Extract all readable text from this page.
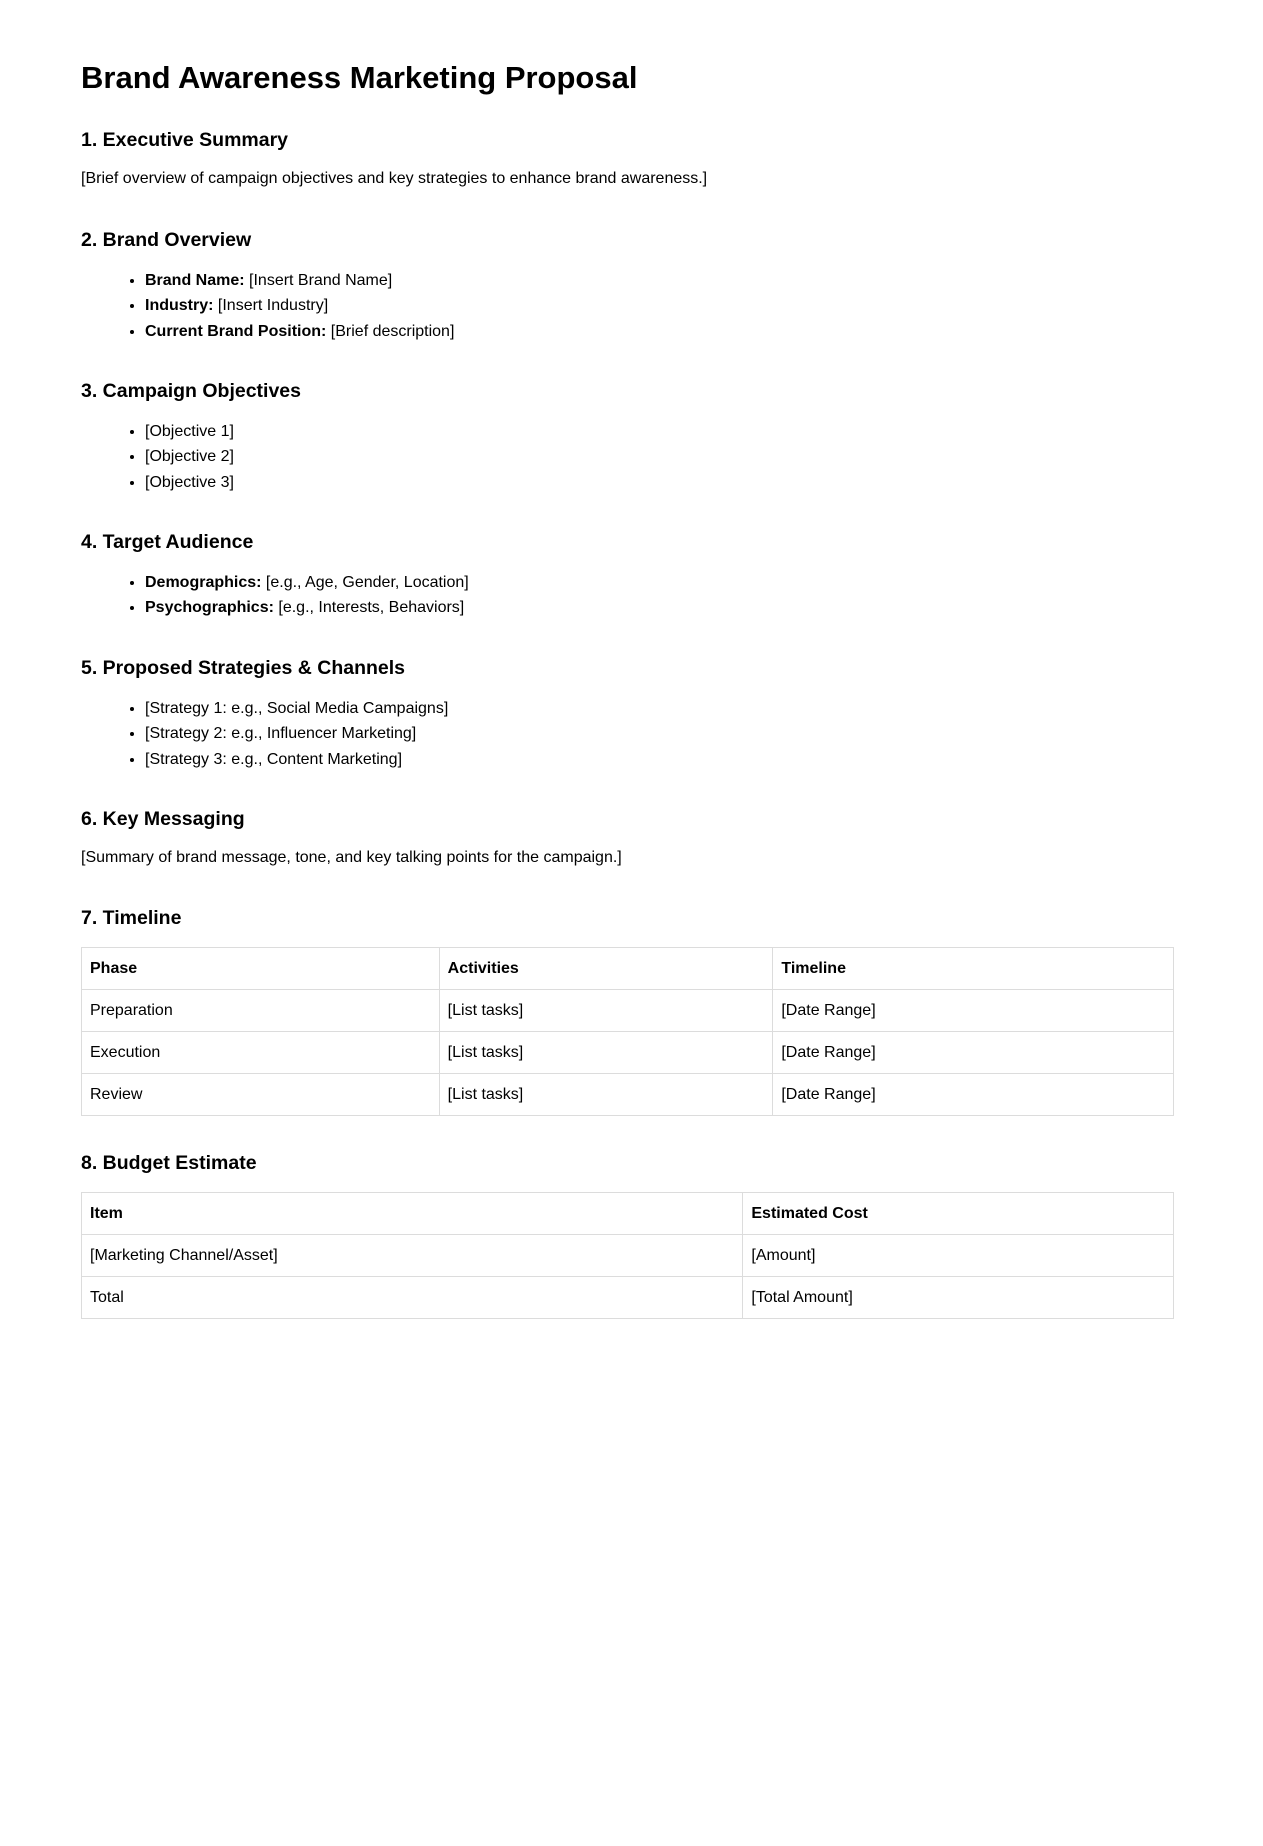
Brand Awareness Marketing Proposal
1. Executive Summary

[Brief overview of campaign objectives and key strategies to enhance brand awareness.]

2. Brand Overview
• Brand Name: [Insert Brand Name]
• Industry: [Insert Industry]
• Current Brand Position: [Brief description]
3. Campaign Objectives
• [Objective 1]
• [Objective 2]
• [Objective 3]
4. Target Audience
• Demographics: [e.g., Age, Gender, Location]
• Psychographics: [e.g., Interests, Behaviors]
5. Proposed Strategies & Channels
• [Strategy 1: e.g., Social Media Campaigns]
• [Strategy 2: e.g., Influencer Marketing]
• [Strategy 3: e.g., Content Marketing]
6. Key Messaging

[Summary of brand message, tone, and key talking points for the campaign.]

7. Timeline
Phase	Activities	Timeline
Preparation	[List tasks]	[Date Range]
Execution	[List tasks]	[Date Range]
Review	[List tasks]	[Date Range]
8. Budget Estimate
Item	Estimated Cost
[Marketing Channel/Asset]	[Amount]
Total	[Total Amount]
